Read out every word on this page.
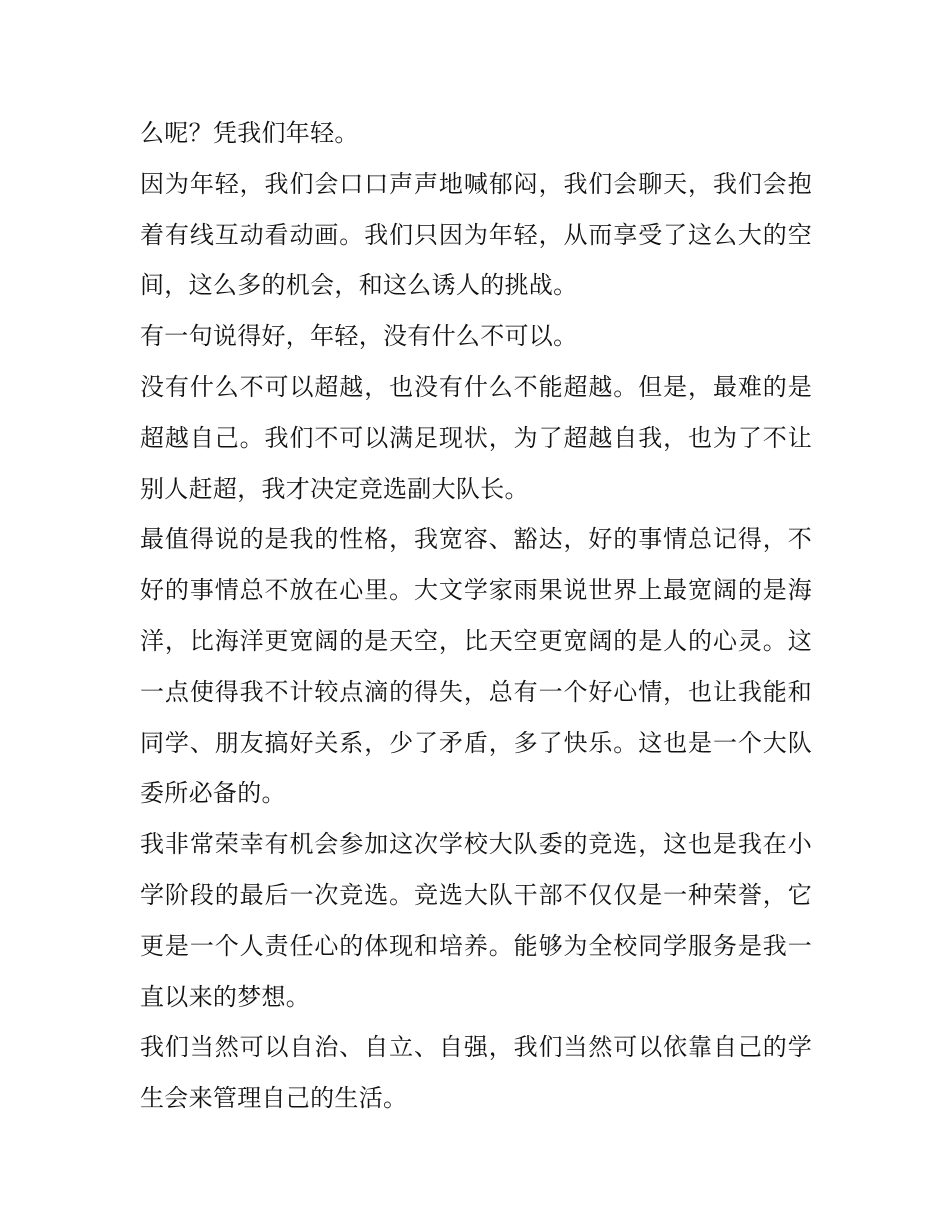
么呢？凭我们年轻。

因为年轻，我们会口口声声地喊郁闷，我们会聊天，我们会抱着有线互动看动画。我们只因为年轻，从而享受了这么大的空间，这么多的机会，和这么诱人的挑战。

有一句说得好，年轻，没有什么不可以。

没有什么不可以超越，也没有什么不能超越。但是，最难的是超越自己。我们不可以满足现状，为了超越自我，也为了不让别人赶超，我才决定竞选副大队长。

最值得说的是我的性格，我宽容、豁达，好的事情总记得，不好的事情总不放在心里。大文学家雨果说世界上最宽阔的是海洋，比海洋更宽阔的是天空，比天空更宽阔的是人的心灵。这一点使得我不计较点滴的得失，总有一个好心情，也让我能和同学、朋友搞好关系，少了矛盾，多了快乐。这也是一个大队委所必备的。

我非常荣幸有机会参加这次学校大队委的竞选，这也是我在小学阶段的最后一次竞选。竞选大队干部不仅仅是一种荣誉，它更是一个人责任心的体现和培养。能够为全校同学服务是我一直以来的梦想。

我们当然可以自治、自立、自强，我们当然可以依靠自己的学生会来管理自己的生活。
